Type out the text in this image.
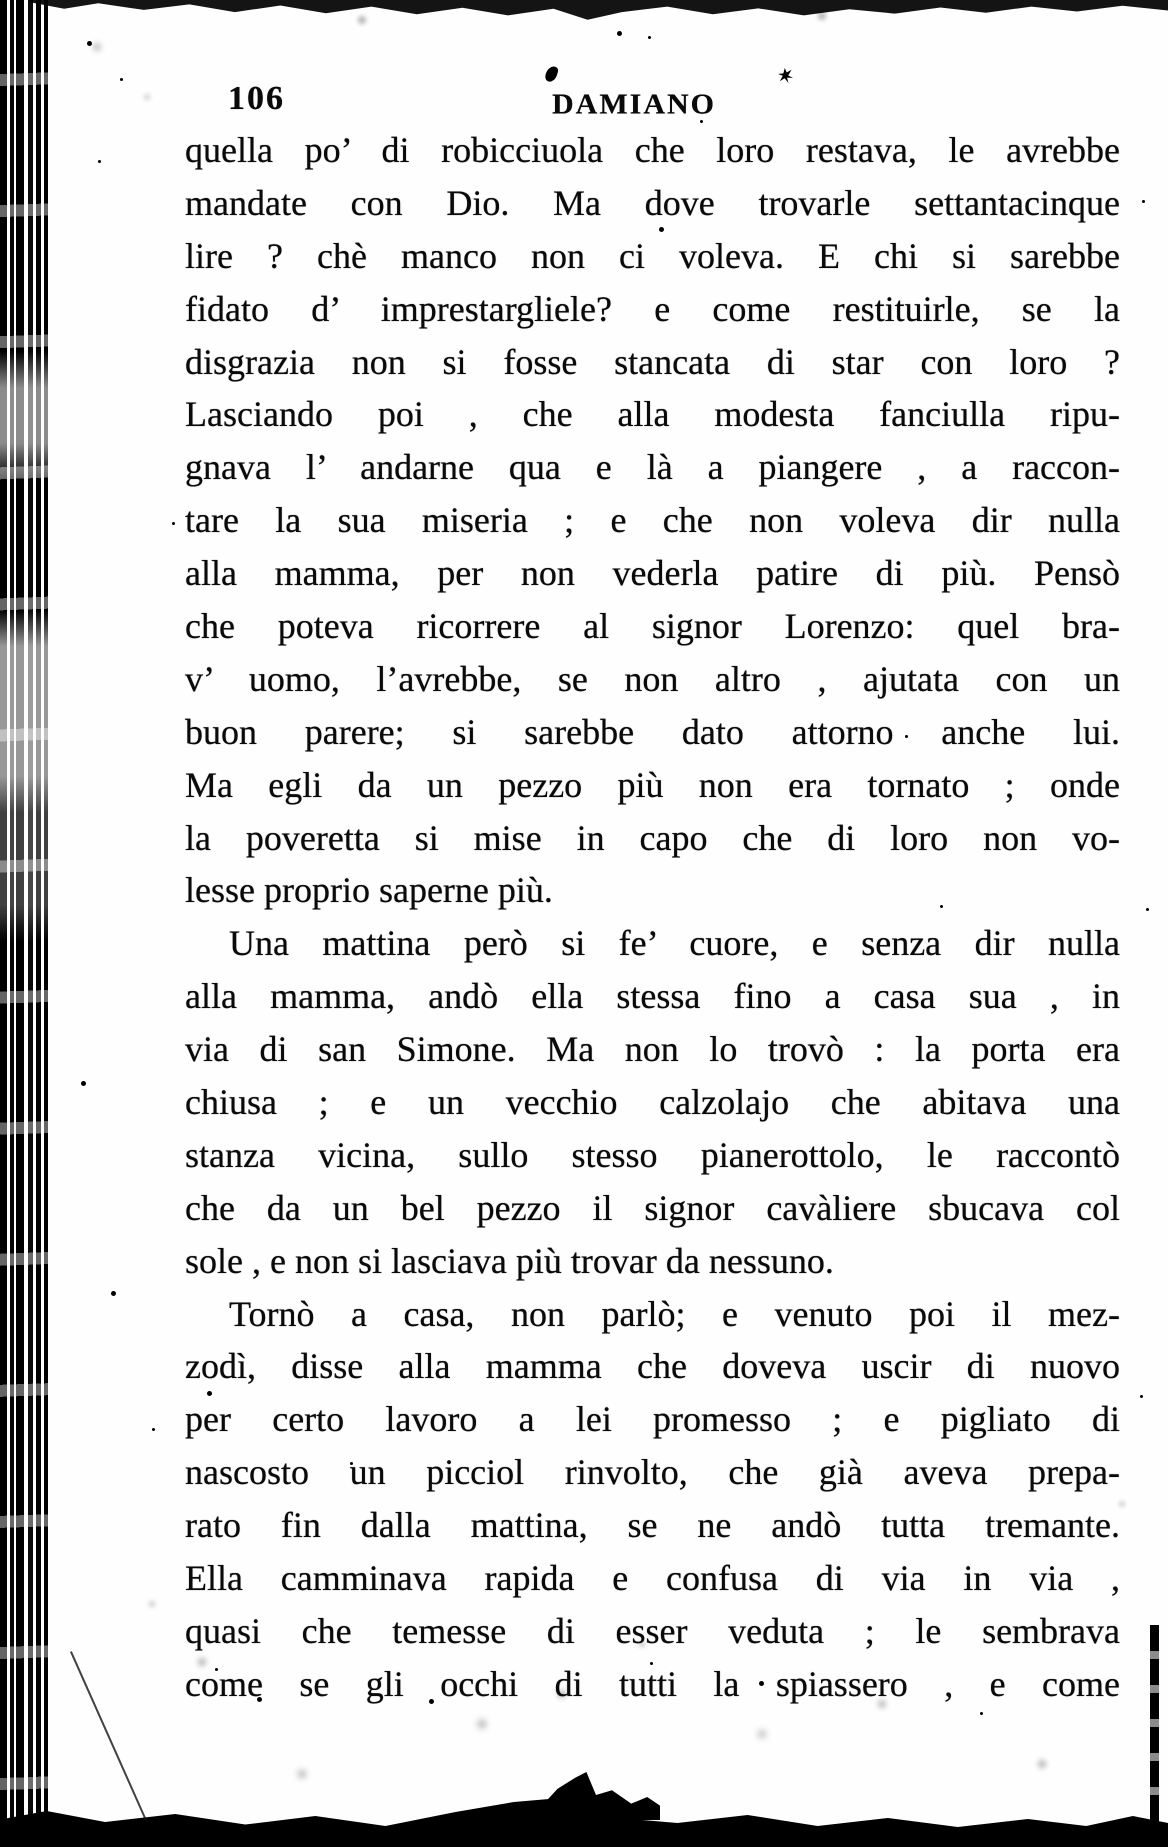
106	DAMIANO
quella po’ di robicciuola che loro restava, le avrebbe
mandate con Dio. Ma dove trovarle settantacinque
lire ? chè manco non ci voleva. E chi si sarebbe
fidato d’ imprestargliele? e come restituirle, se la
disgrazia non si fosse stancata di star con loro ?
Lasciando poi , che alla modesta fanciulla ripu-
gnava l’ andarne qua e là a piangere , a raccon-
tare la sua miseria ; e che non voleva dir nulla
alla mamma, per non vederla patire di più. Pensò
che poteva ricorrere al signor Lorenzo: quel bra-
v’ uomo, l’avrebbe, se non altro , ajutata con un
buon parere; si sarebbe dato attorno anche lui.
Ma egli da un pezzo più non era tornato ; onde
la poveretta si mise in capo che di loro non vo-
lesse proprio saperne più.
Una mattina però si fe’ cuore, e senza dir nulla
alla mamma, andò ella stessa fino a casa sua , in
via di san Simone. Ma non lo trovò : la porta era
chiusa ; e un vecchio calzolajo che abitava una
stanza vicina, sullo stesso pianerottolo, le raccontò
che da un bel pezzo il signor cavàliere sbucava col
sole , e non si lasciava più trovar da nessuno.
Tornò a casa, non parlò; e venuto poi il mez-
zodì, disse alla mamma che doveva uscir di nuovo
per certo lavoro a lei promesso ; e pigliato di
nascosto un picciol rinvolto, che già aveva prepa-
rato fin dalla mattina, se ne andò tutta tremante.
Ella camminava rapida e confusa di via in via ,
quasi che temesse di esser veduta ; le sembrava
come se gli occhi di tutti la spiassero , e come
